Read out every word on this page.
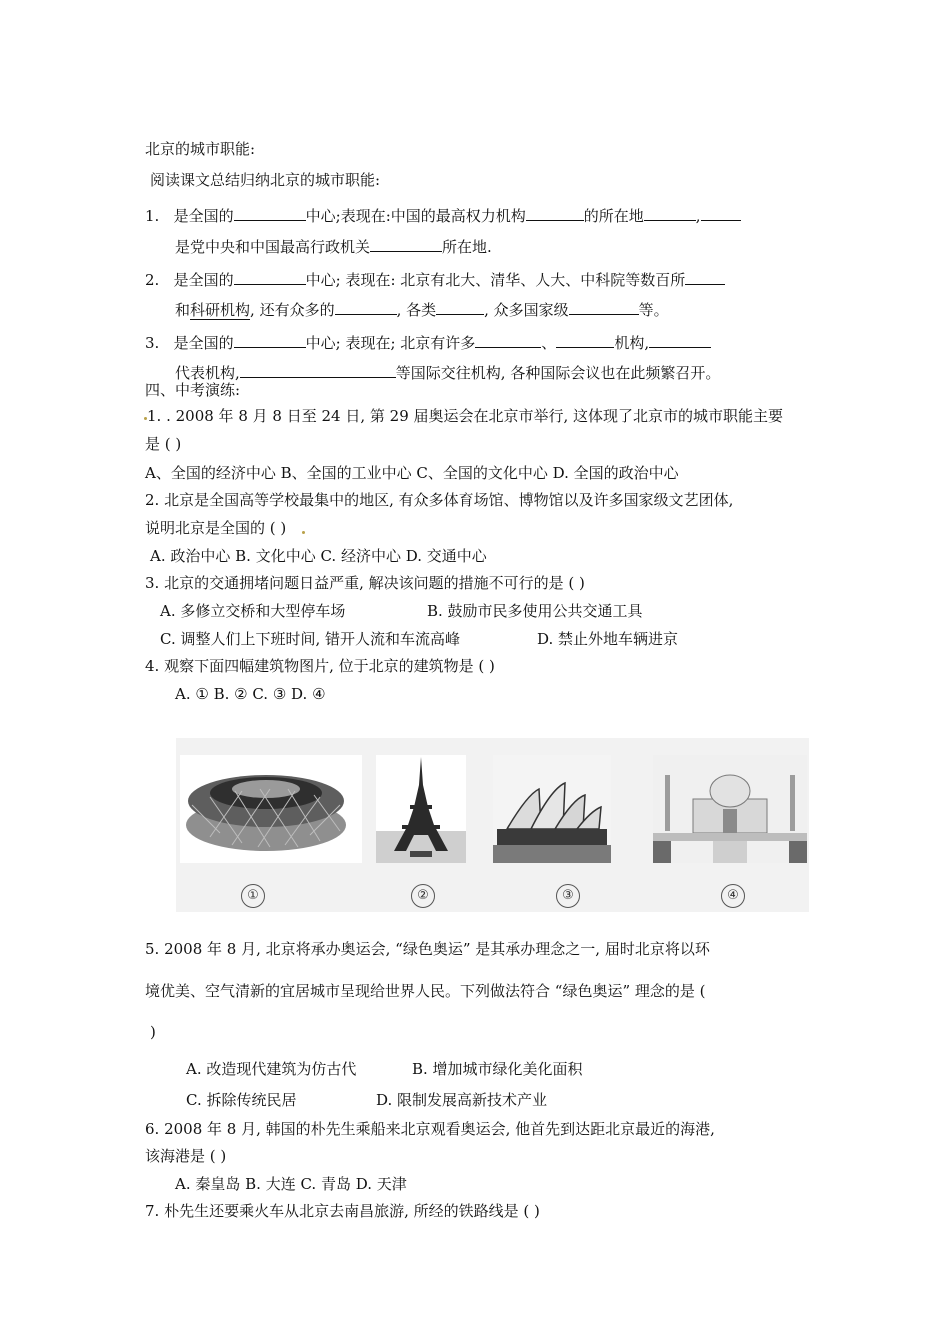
北京的城市职能:
阅读课文总结归纳北京的城市职能:
1. 是全国的	中心;表现在:中国的最高权力机构	的所在地	,
是党中央和中国最高行政机关	所在地.
2. 是全国的	中心; 表现在: 北京有北大、清华、人大、中科院等数百所
和科研机构, 还有众多的	, 各类	, 众多国家级	等。
3. 是全国的	中心; 表现在; 北京有许多	、	机构,
代表机构,	等国际交往机构, 各种国际会议也在此频繁召开。
四、中考演练:
1. . 2008 年 8 月 8 日至 24 日, 第 29 届奥运会在北京市举行, 这体现了北京市的城市职能主要
是 ( )
A、全国的经济中心 B、全国的工业中心 C、全国的文化中心 D. 全国的政治中心
2. 北京是全国高等学校最集中的地区, 有众多体育场馆、博物馆以及许多国家级文艺团体,
说明北京是全国的 ( )
A. 政治中心 B. 文化中心 C. 经济中心 D. 交通中心
3. 北京的交通拥堵问题日益严重, 解决该问题的措施不可行的是 ( )
A. 多修立交桥和大型停车场	B. 鼓励市民多使用公共交通工具
C. 调整人们上下班时间, 错开人流和车流高峰	D. 禁止外地车辆进京
4. 观察下面四幅建筑物图片, 位于北京的建筑物是 ( )
A. ① B. ② C. ③ D. ④
①	②	③	④
5. 2008 年 8 月, 北京将承办奥运会, “绿色奥运” 是其承办理念之一, 届时北京将以环
境优美、空气清新的宜居城市呈现给世界人民。下列做法符合 “绿色奥运” 理念的是 (
)
A. 改造现代建筑为仿古代	B. 增加城市绿化美化面积
C. 拆除传统民居	D. 限制发展高新技术产业
6. 2008 年 8 月, 韩国的朴先生乘船来北京观看奥运会, 他首先到达距北京最近的海港,
该海港是 ( )
A. 秦皇岛 B. 大连 C. 青岛 D. 天津
7. 朴先生还要乘火车从北京去南昌旅游, 所经的铁路线是 ( )
